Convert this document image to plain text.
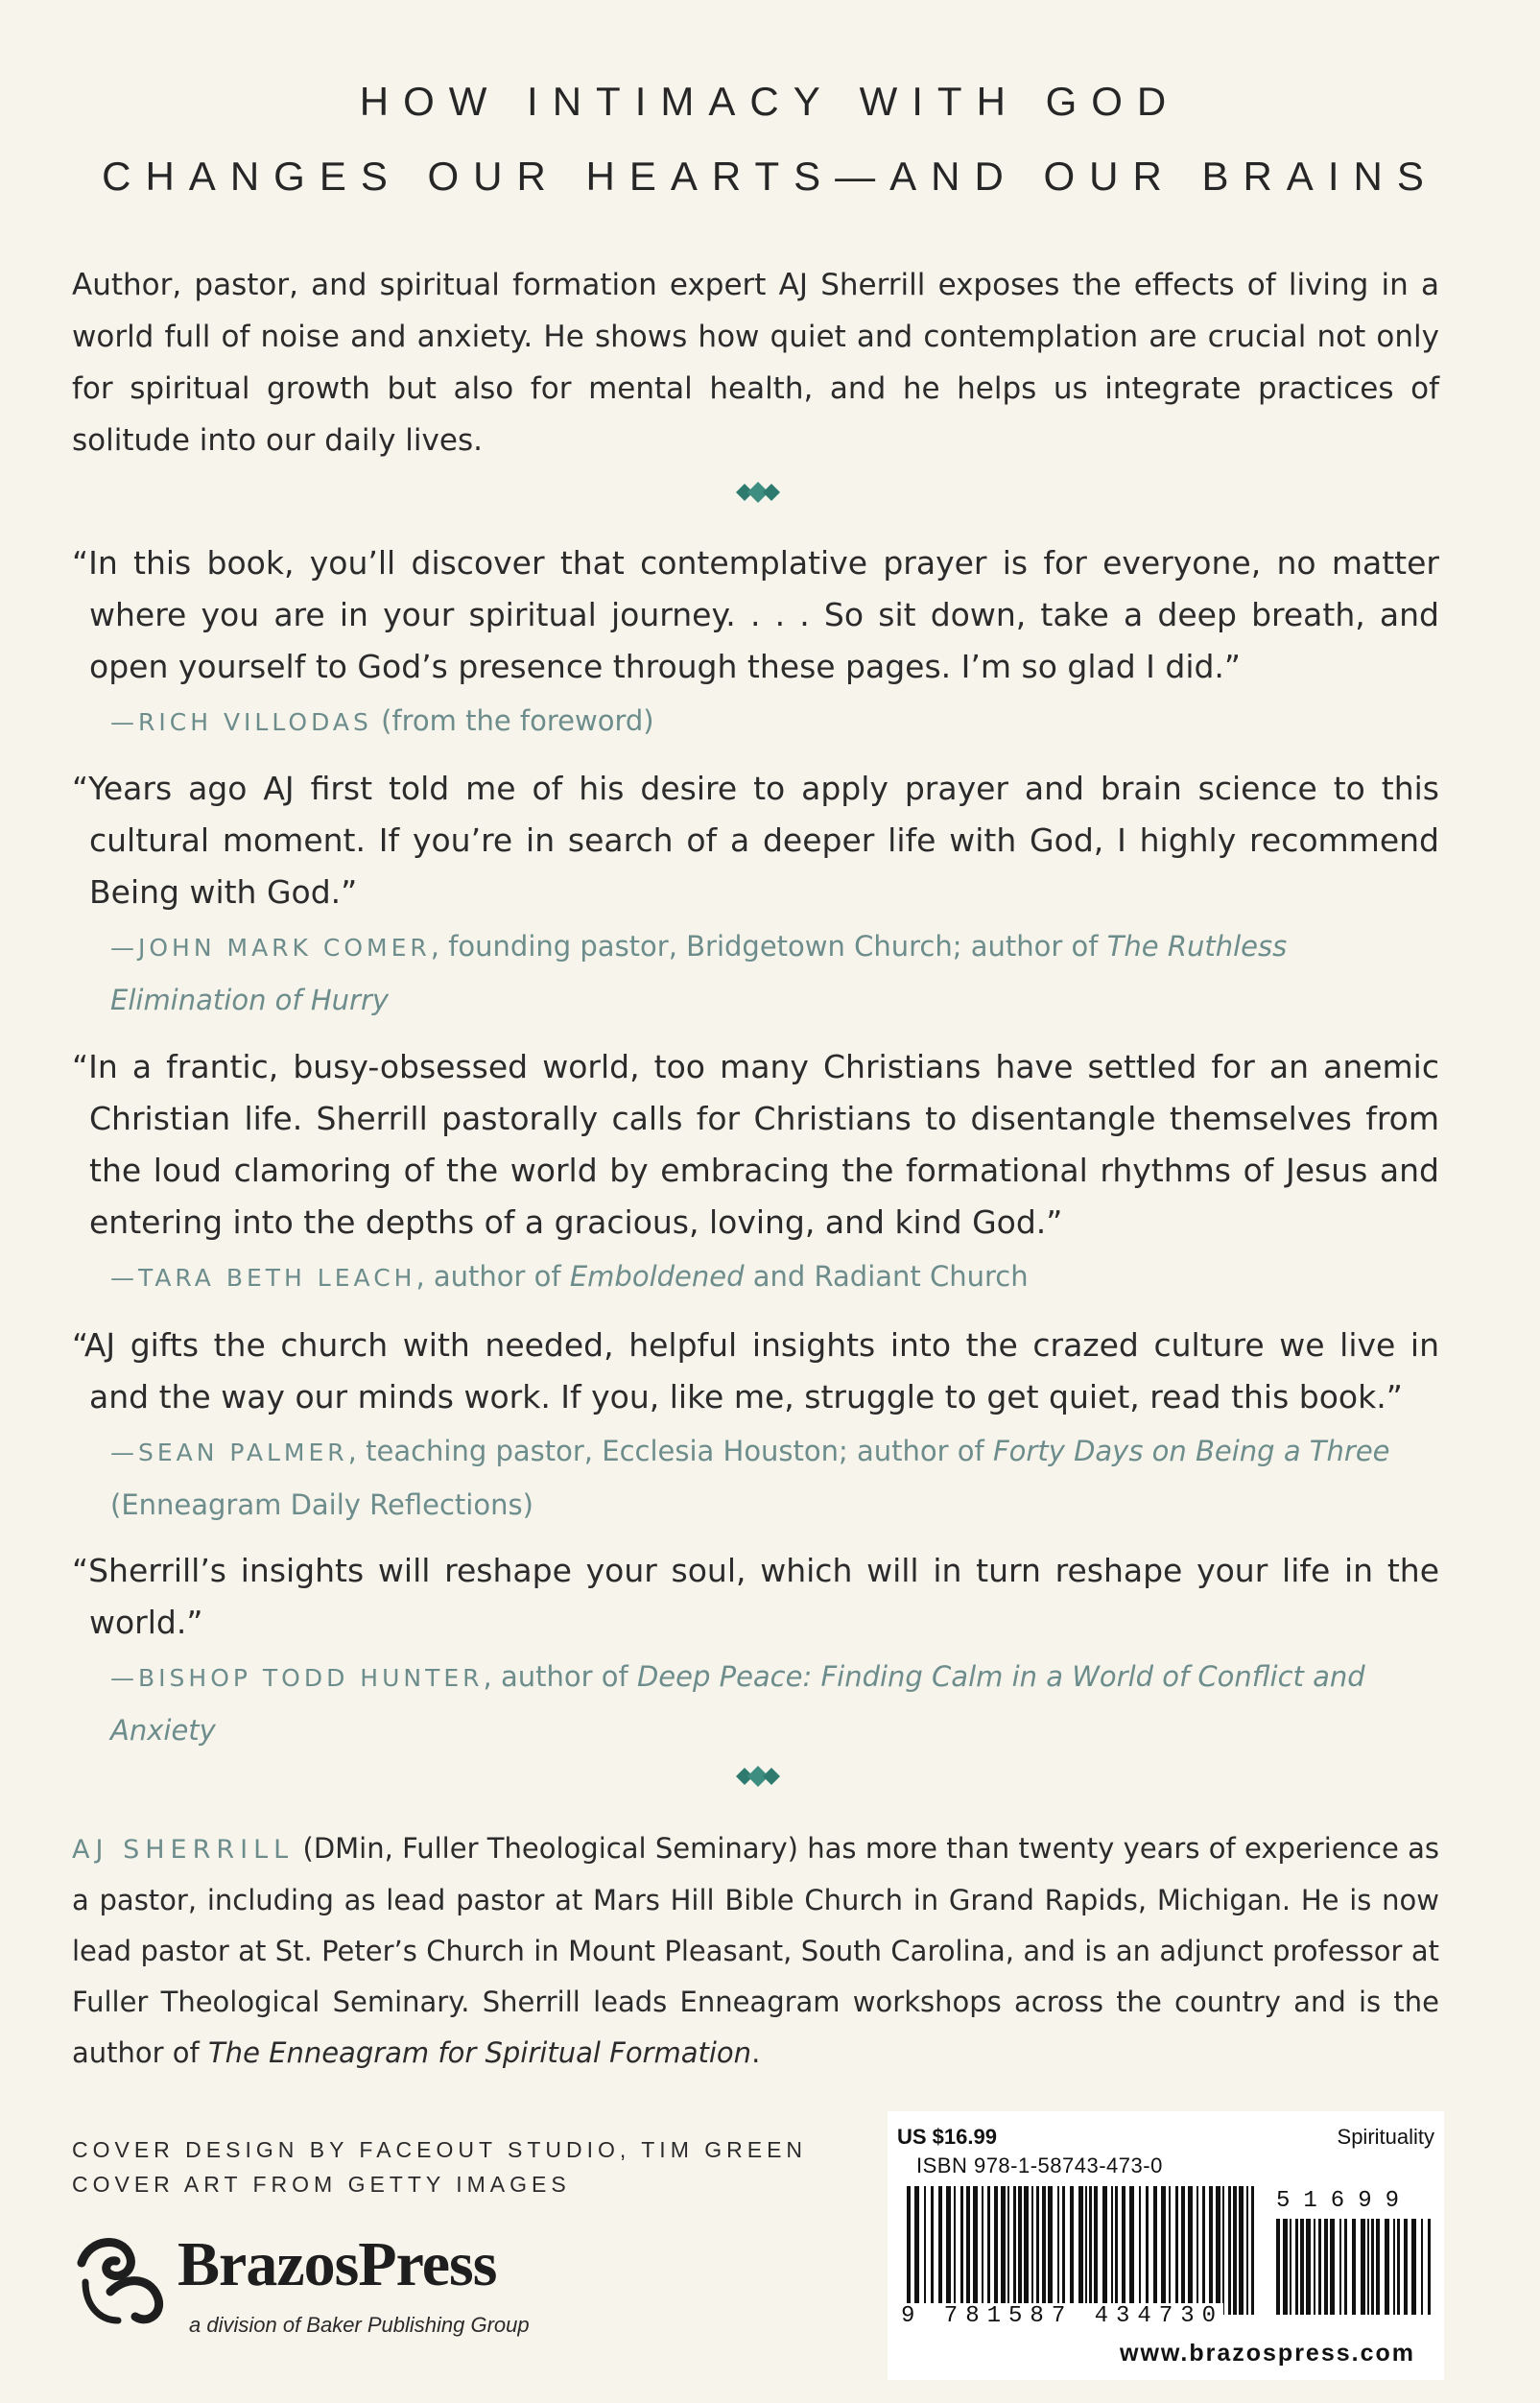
HOW INTIMACY WITH GOD
CHANGES OUR HEARTS—AND OUR BRAINS

Author, pastor, and spiritual formation expert AJ Sherrill exposes the effects of living in a world full of noise and anxiety. He shows how quiet and contemplation are crucial not only for spiritual growth but also for mental health, and he helps us integrate practices of solitude into our daily lives.

“In this book, you’ll discover that contemplative prayer is for everyone, no matter where you are in your spiritual journey. . . . So sit down, take a deep breath, and open yourself to God’s presence through these pages. I’m so glad I did.”

—RICH VILLODAS (from the foreword)

“Years ago AJ first told me of his desire to apply prayer and brain science to this cultural moment. If you’re in search of a deeper life with God, I highly recommend Being with God.”

—JOHN MARK COMER, founding pastor, Bridgetown Church; author of The Ruthless Elimination of Hurry

“In a frantic, busy-obsessed world, too many Christians have settled for an anemic Christian life. Sherrill pastorally calls for Christians to disentangle themselves from the loud clamoring of the world by embracing the formational rhythms of Jesus and entering into the depths of a gracious, loving, and kind God.”

—TARA BETH LEACH, author of Emboldened and Radiant Church

“AJ gifts the church with needed, helpful insights into the crazed culture we live in and the way our minds work. If you, like me, struggle to get quiet, read this book.”

—SEAN PALMER, teaching pastor, Ecclesia Houston; author of Forty Days on Being a Three (Enneagram Daily Reflections)

“Sherrill’s insights will reshape your soul, which will in turn reshape your life in the world.”

—BISHOP TODD HUNTER, author of Deep Peace: Finding Calm in a World of Conflict and Anxiety

AJ SHERRILL (DMin, Fuller Theological Seminary) has more than twenty years of experience as a pastor, including as lead pastor at Mars Hill Bible Church in Grand Rapids, Michigan. He is now lead pastor at St. Peter’s Church in Mount Pleasant, South Carolina, and is an adjunct professor at Fuller Theological Seminary. Sherrill leads Enneagram workshops across the country and is the author of The Enneagram for Spiritual Formation.

COVER DESIGN BY FACEOUT STUDIO, TIM GREEN
COVER ART FROM GETTY IMAGES
BrazosPress
a division of Baker Publishing Group
US $16.99	Spirituality
ISBN 978-1-58743-473-0
9 781587 434730
51699
www.brazospress.com
